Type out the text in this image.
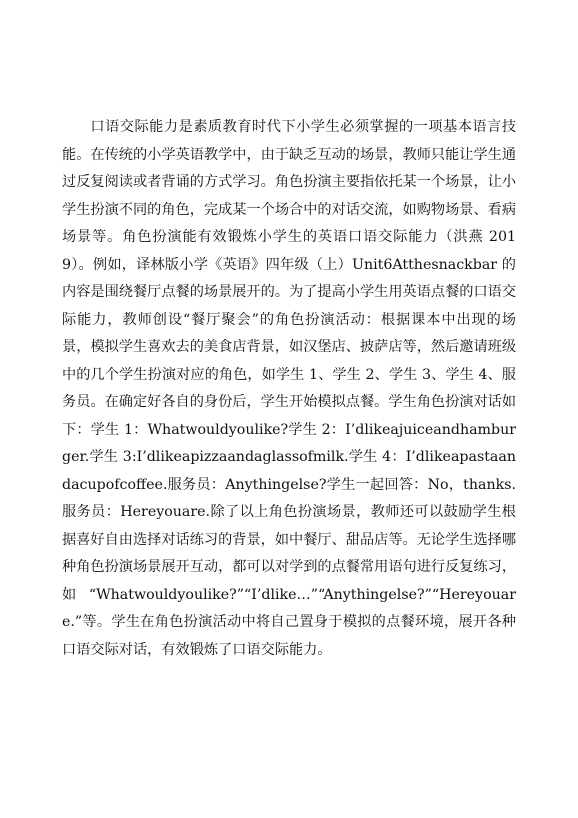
口语交际能力是素质教育时代下小学生必须掌握的一项基本语言技能。在传统的小学英语教学中，由于缺乏互动的场景，教师只能让学生通过反复阅读或者背诵的方式学习。角色扮演主要指依托某一个场景，让小学生扮演不同的角色，完成某一个场合中的对话交流，如购物场景、看病场景等。角色扮演能有效锻炼小学生的英语口语交际能力（洪燕 2019）。例如，译林版小学《英语》四年级（上）Unit6Atthesnackbar 的内容是围绕餐厅点餐的场景展开的。为了提高小学生用英语点餐的口语交际能力，教师创设“餐厅聚会”的角色扮演活动：根据课本中出现的场景，模拟学生喜欢去的美食店背景，如汉堡店、披萨店等，然后邀请班级中的几个学生扮演对应的角色，如学生 1、学生 2、学生 3、学生 4、服务员。在确定好各自的身份后，学生开始模拟点餐。学生角色扮演对话如下：学生 1：Whatwouldyoulike?学生 2：I’dlikeajuiceandhamburger.学生 3:I’dlikeapizzaandaglassofmilk.学生 4：I’dlikeapastaandacupofcoffee.服务员：Anythingelse?学生一起回答：No，thanks.服务员：Hereyouare.除了以上角色扮演场景，教师还可以鼓励学生根据喜好自由选择对话练习的背景，如中餐厅、甜品店等。无论学生选择哪种角色扮演场景展开互动，都可以对学到的点餐常用语句进行反复练习，如“Whatwouldyoulike?”“I’dlike…”“Anythingelse?”“Hereyouare.”等。学生在角色扮演活动中将自己置身于模拟的点餐环境，展开各种口语交际对话，有效锻炼了口语交际能力。
